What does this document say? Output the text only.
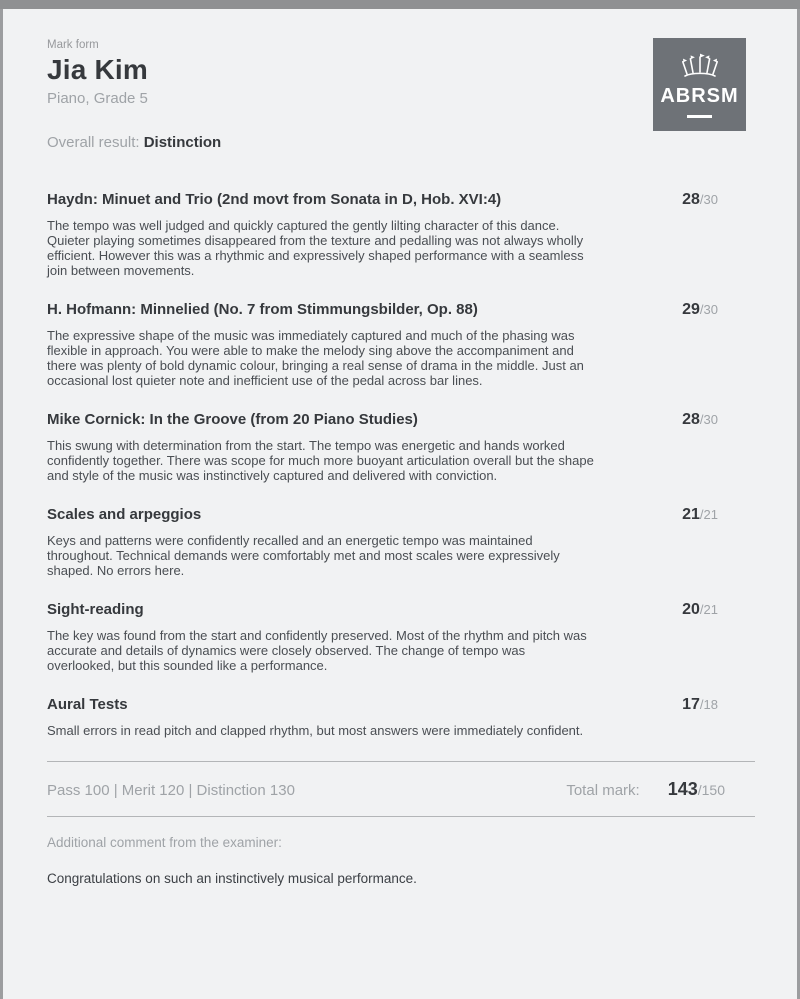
Mark form
Jia Kim
Piano, Grade 5
Overall result: Distinction
ABRSM
Haydn: Minuet and Trio (2nd movt from Sonata in D, Hob. XVI:4)	28/30
The tempo was well judged and quickly captured the gently lilting character of this dance. Quieter playing sometimes disappeared from the texture and pedalling was not always wholly efficient. However this was a rhythmic and expressively shaped performance with a seamless join between movements.
H. Hofmann: Minnelied (No. 7 from Stimmungsbilder, Op. 88)	29/30
The expressive shape of the music was immediately captured and much of the phasing was flexible in approach. You were able to make the melody sing above the accompaniment and there was plenty of bold dynamic colour, bringing a real sense of drama in the middle. Just an occasional lost quieter note and inefficient use of the pedal across bar lines.
Mike Cornick: In the Groove (from 20 Piano Studies)	28/30
This swung with determination from the start. The tempo was energetic and hands worked confidently together. There was scope for much more buoyant articulation overall but the shape and style of the music was instinctively captured and delivered with conviction.
Scales and arpeggios	21/21
Keys and patterns were confidently recalled and an energetic tempo was maintained throughout. Technical demands were comfortably met and most scales were expressively shaped. No errors here.
Sight-reading	20/21
The key was found from the start and confidently preserved. Most of the rhythm and pitch was accurate and details of dynamics were closely observed. The change of tempo was overlooked, but this sounded like a performance.
Aural Tests	17/18
Small errors in read pitch and clapped rhythm, but most answers were immediately confident.
Pass 100 | Merit 120 | Distinction 130	Total mark: 143/150
Additional comment from the examiner:
Congratulations on such an instinctively musical performance.
